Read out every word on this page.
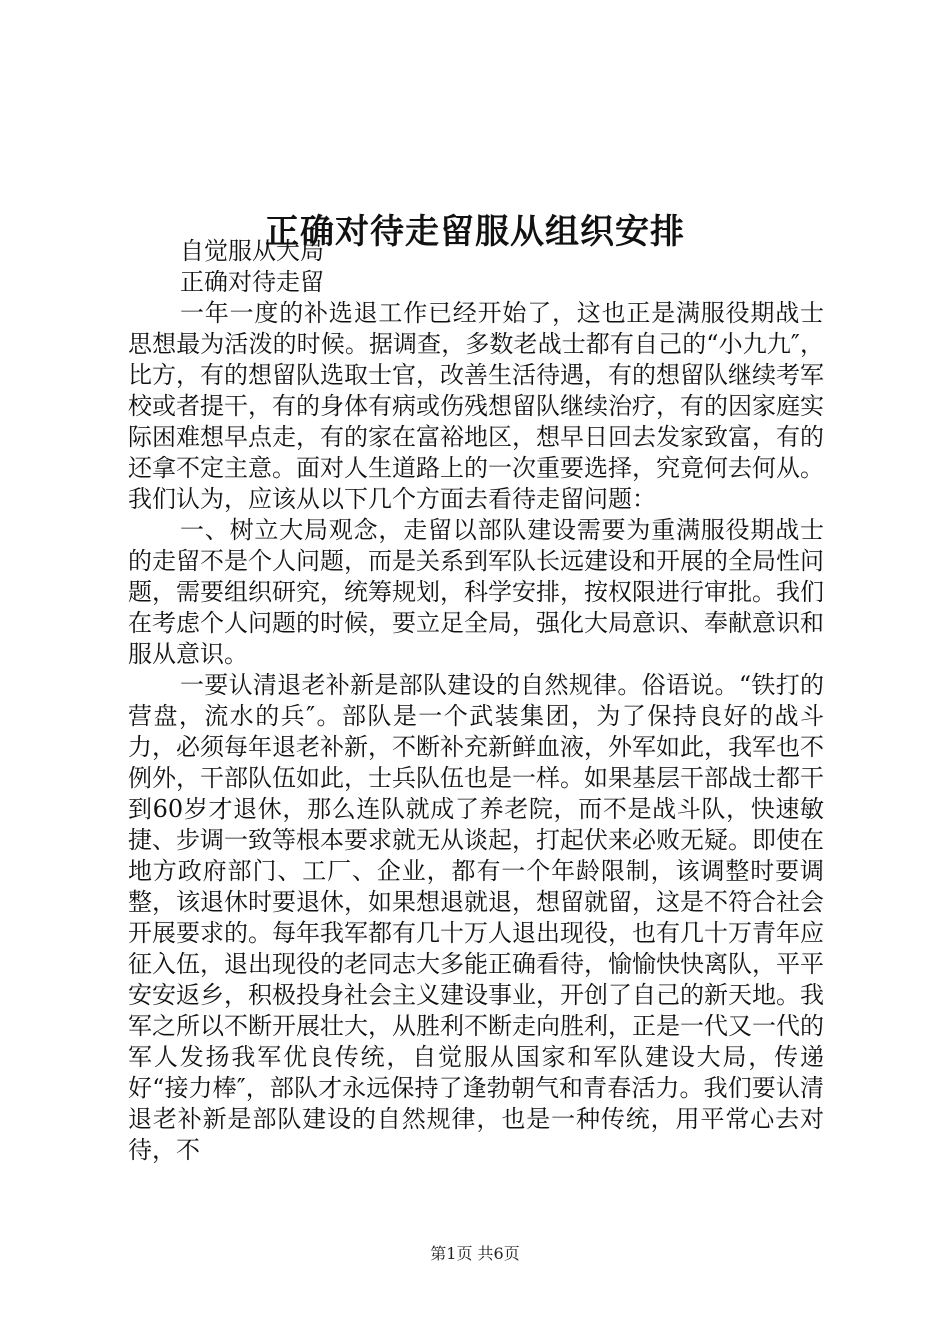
正确对待走留服从组织安排

自觉服从大局

正确对待走留

一年一度的补选退工作已经开始了，这也正是满服役期战士思想最为活泼的时候。据调查，多数老战士都有自己的“小九九″，比方，有的想留队选取士官，改善生活待遇，有的想留队继续考军校或者提干，有的身体有病或伤残想留队继续治疗，有的因家庭实际困难想早点走，有的家在富裕地区，想早日回去发家致富，有的还拿不定主意。面对人生道路上的一次重要选择，究竟何去何从。我们认为，应该从以下几个方面去看待走留问题：

一、树立大局观念，走留以部队建设需要为重满服役期战士的走留不是个人问题，而是关系到军队长远建设和开展的全局性问题，需要组织研究，统筹规划，科学安排，按权限进行审批。我们在考虑个人问题的时候，要立足全局，强化大局意识、奉献意识和服从意识。

一要认清退老补新是部队建设的自然规律。俗语说。“铁打的营盘，流水的兵″。部队是一个武装集团，为了保持良好的战斗力，必须每年退老补新，不断补充新鲜血液，外军如此，我军也不例外，干部队伍如此，士兵队伍也是一样。如果基层干部战士都干到60岁才退休，那么连队就成了养老院，而不是战斗队，快速敏捷、步调一致等根本要求就无从谈起，打起伏来必败无疑。即使在地方政府部门、工厂、企业，都有一个年龄限制，该调整时要调整，该退休时要退休，如果想退就退，想留就留，这是不符合社会开展要求的。每年我军都有几十万人退出现役，也有几十万青年应征入伍，退出现役的老同志大多能正确看待，愉愉快快离队，平平安安返乡，积极投身社会主义建设事业，开创了自己的新天地。我军之所以不断开展壮大，从胜利不断走向胜利，正是一代又一代的军人发扬我军优良传统，自觉服从国家和军队建设大局，传递好“接力棒″，部队才永远保持了逢勃朝气和青春活力。我们要认清退老补新是部队建设的自然规律，也是一种传统，用平常心去对待，不

第1页 共6页
